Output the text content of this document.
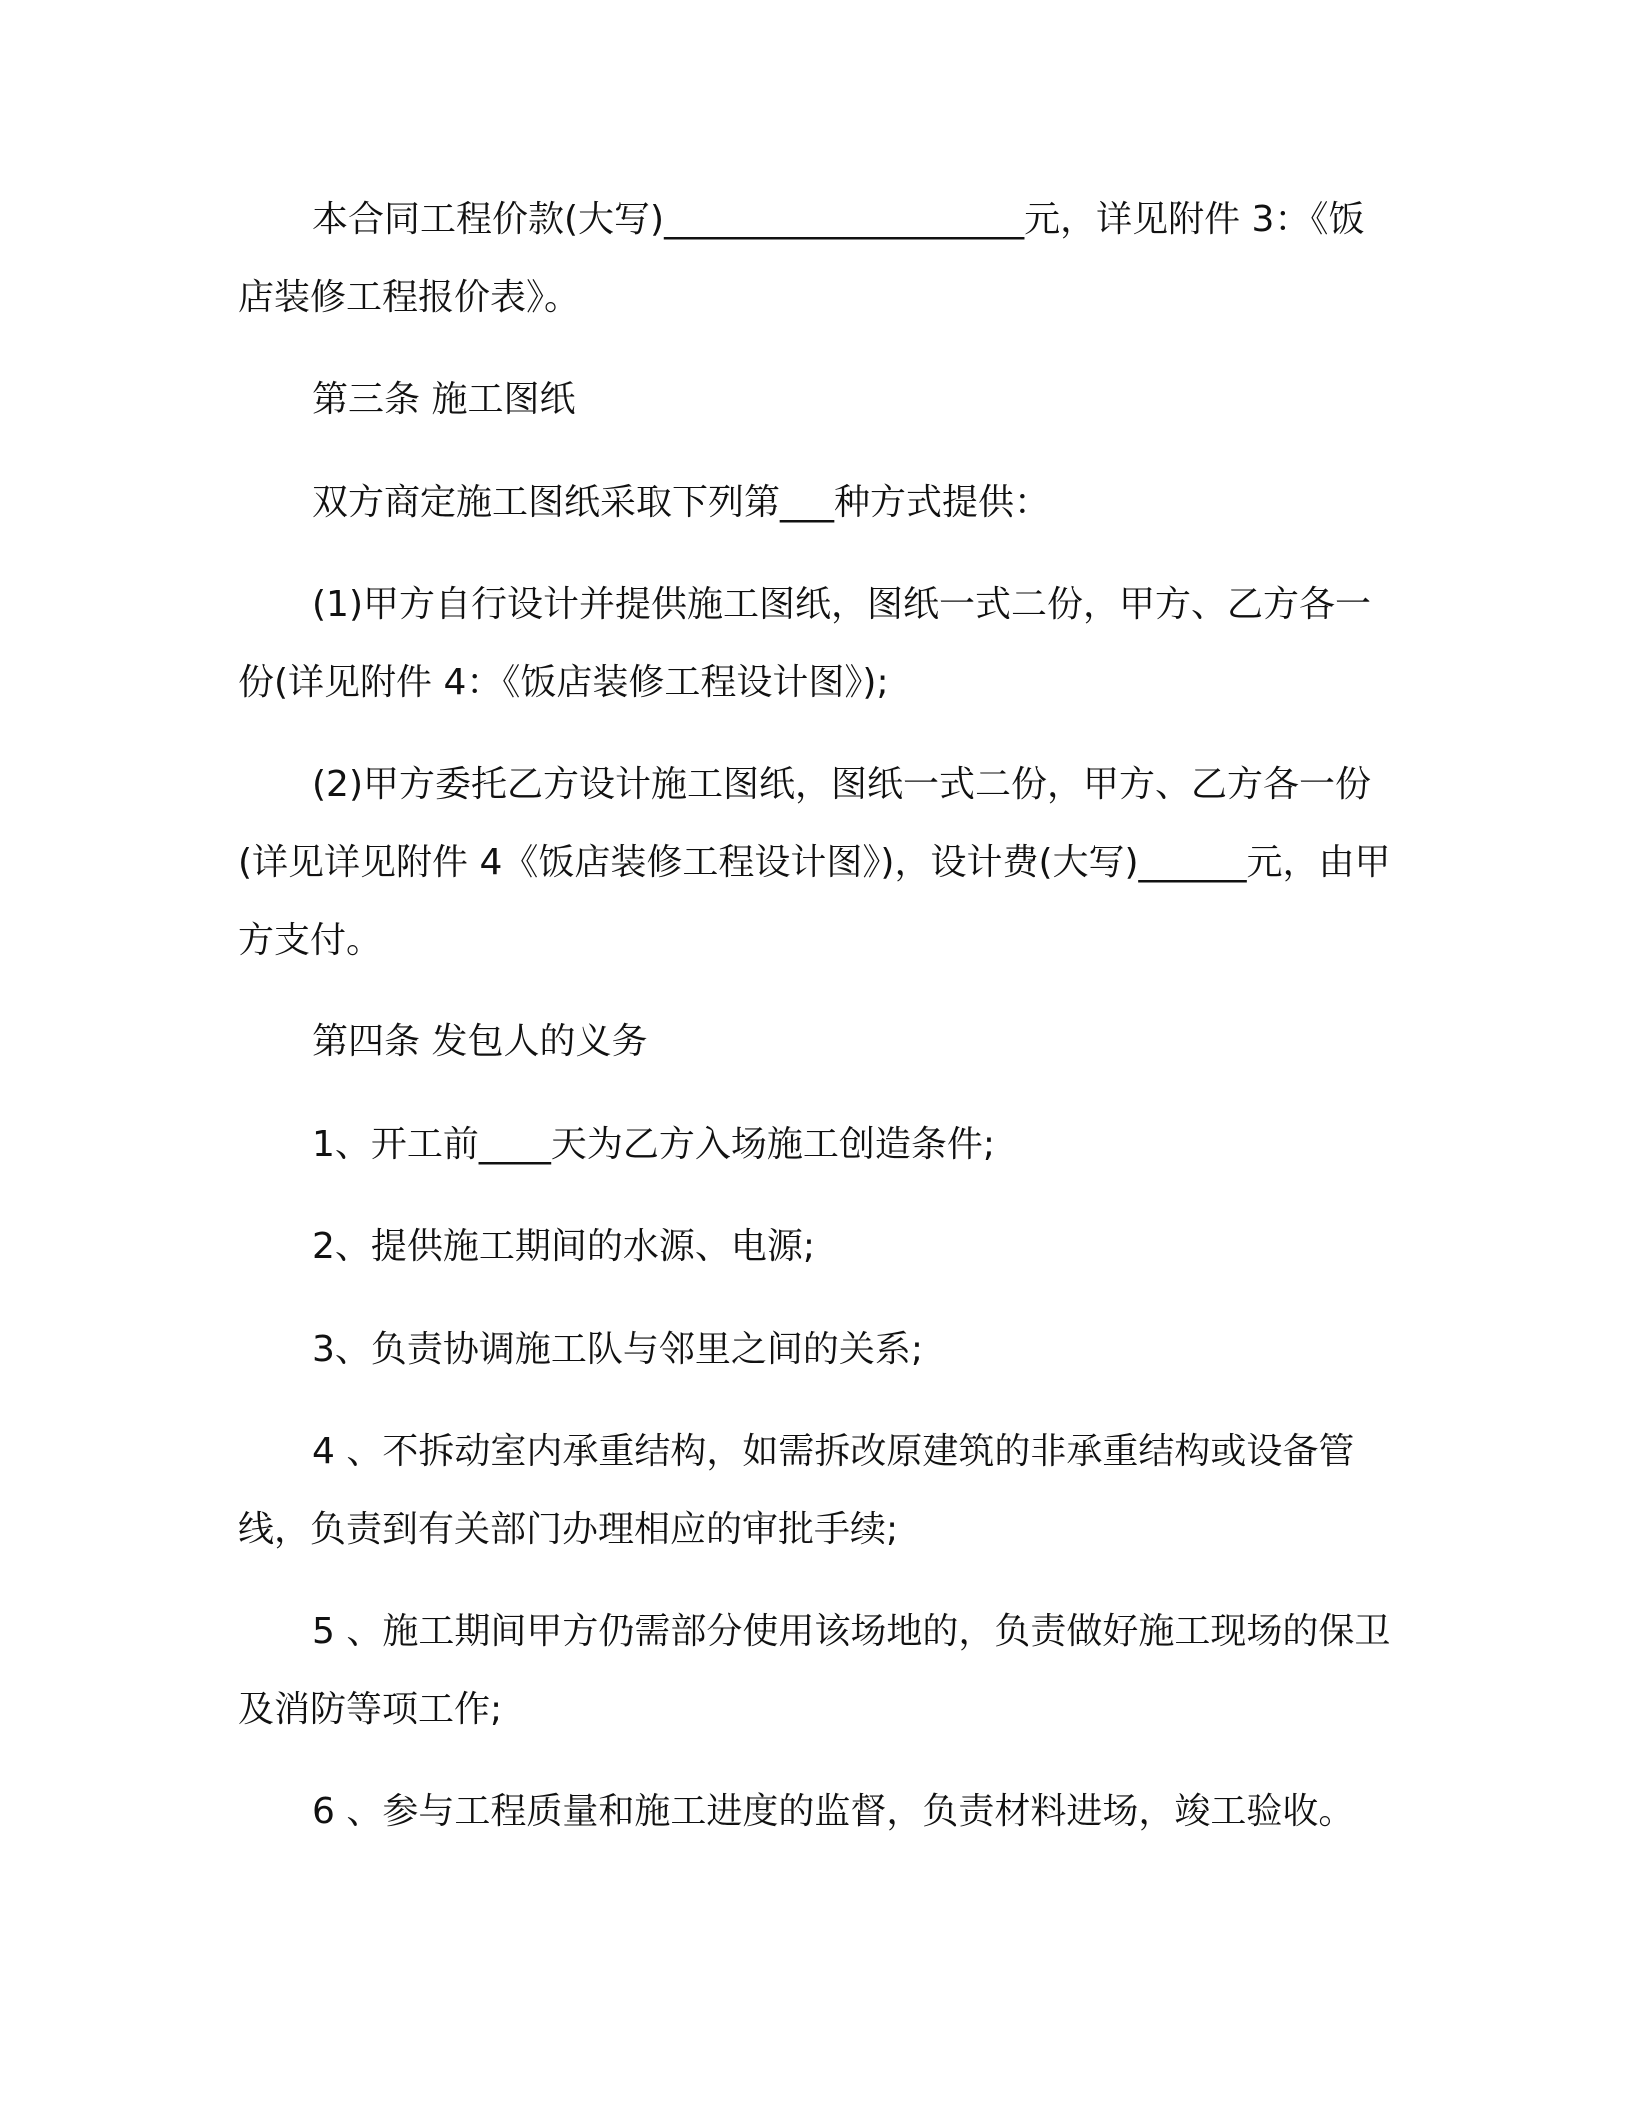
本合同工程价款(大写)____________________元，详见附件 3：《饭店装修工程报价表》。

第三条 施工图纸

双方商定施工图纸采取下列第___种方式提供：

(1)甲方自行设计并提供施工图纸，图纸一式二份，甲方、乙方各一份(详见附件 4：《饭店装修工程设计图》);

(2)甲方委托乙方设计施工图纸，图纸一式二份，甲方、乙方各一份(详见详见附件 4《饭店装修工程设计图》)，设计费(大写)______元，由甲方支付。

第四条 发包人的义务

1、开工前____天为乙方入场施工创造条件;

2、提供施工期间的水源、电源;

3、负责协调施工队与邻里之间的关系;

4 、不拆动室内承重结构，如需拆改原建筑的非承重结构或设备管线，负责到有关部门办理相应的审批手续;

5 、施工期间甲方仍需部分使用该场地的，负责做好施工现场的保卫及消防等项工作;

6 、参与工程质量和施工进度的监督，负责材料进场，竣工验收。
